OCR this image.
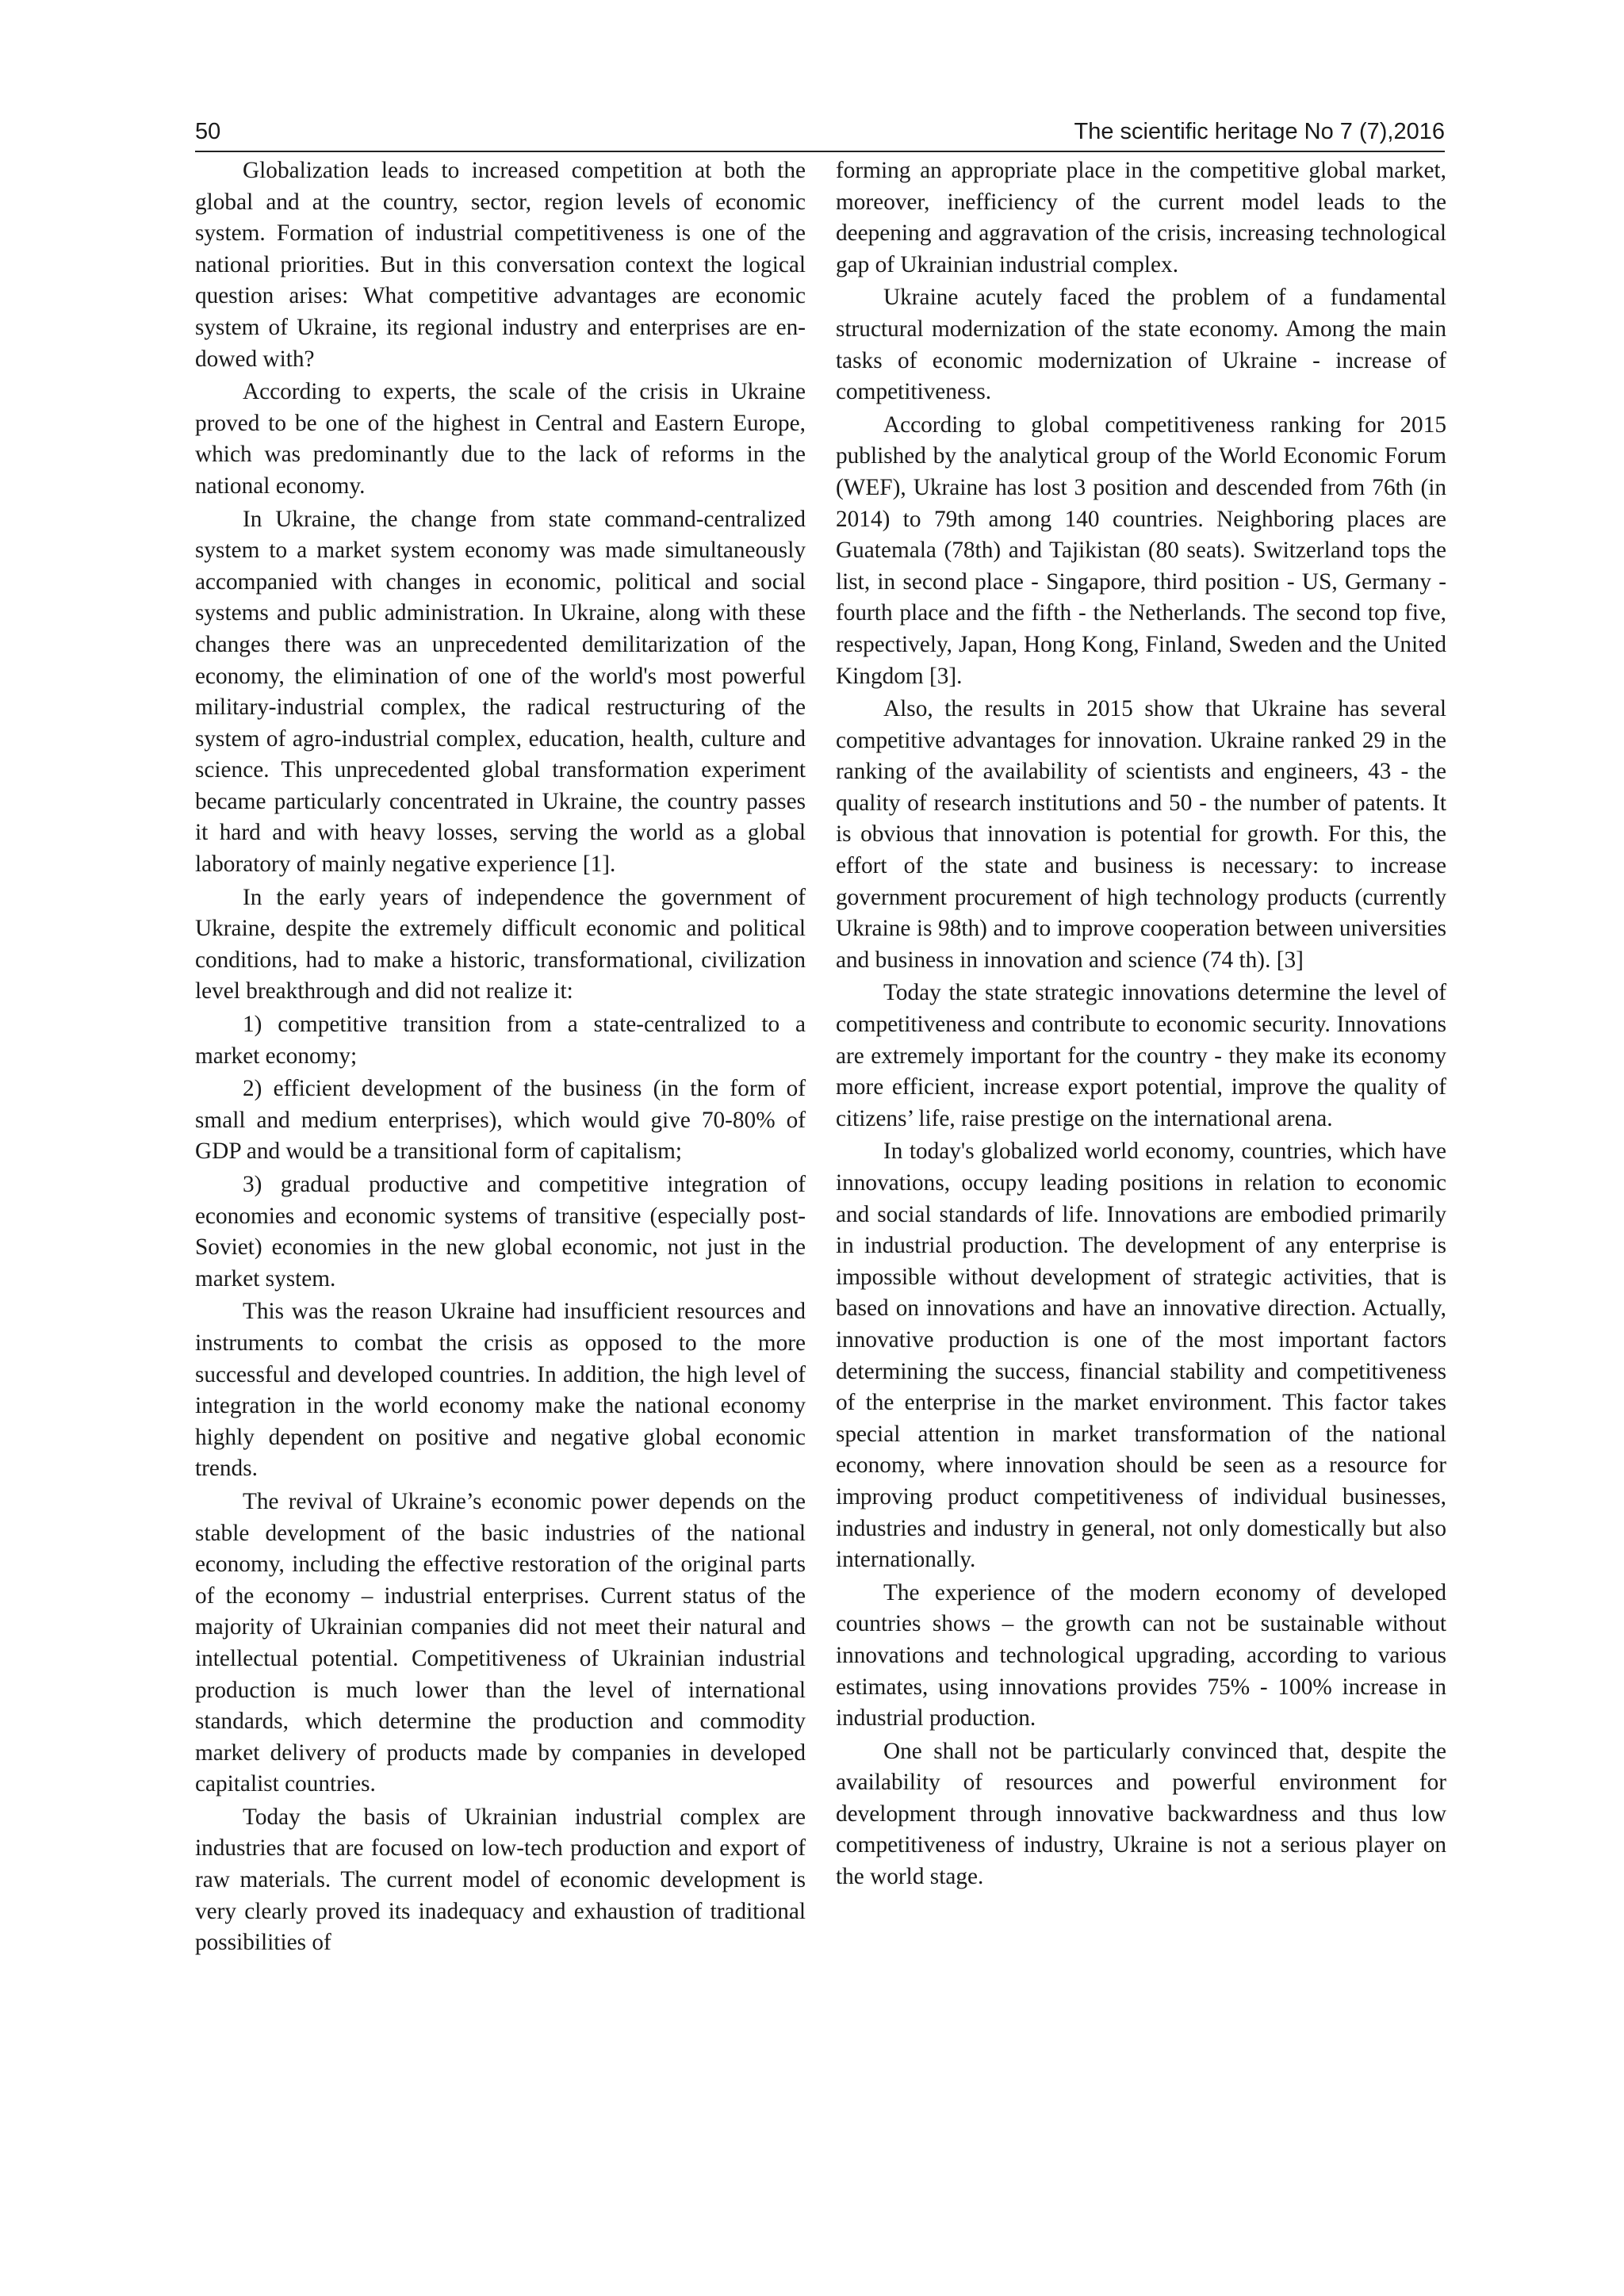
50	The scientific heritage No 7 (7),2016

Globalization leads to increased competition at both the global and at the country, sector, region levels of economic system. Formation of industrial competitiveness is one of the national priorities. But in this conversation context the logical question arises: What competitive advantages are economic system of Ukraine, its regional industry and enterprises are endowed with?

According to experts, the scale of the crisis in Ukraine proved to be one of the highest in Central and Eastern Europe, which was predominantly due to the lack of reforms in the national economy.

In Ukraine, the change from state command-centralized system to a market system economy was made simultaneously accompanied with changes in economic, political and social systems and public administration. In Ukraine, along with these changes there was an unprecedented demilitarization of the economy, the elimination of one of the world's most powerful military-industrial complex, the radical restructuring of the system of agro-industrial complex, education, health, culture and science. This unprecedented global transformation experiment became particularly concentrated in Ukraine, the country passes it hard and with heavy losses, serving the world as a global laboratory of mainly negative experience [1].

In the early years of independence the government of Ukraine, despite the extremely difficult economic and political conditions, had to make a historic, transformational, civilization level breakthrough and did not realize it:

1) competitive transition from a state-centralized to a market economy;

2) efficient development of the business (in the form of small and medium enterprises), which would give 70-80% of GDP and would be a transitional form of capitalism;

3) gradual productive and competitive integration of economies and economic systems of transitive (especially post-Soviet) economies in the new global economic, not just in the market system.

This was the reason Ukraine had insufficient resources and instruments to combat the crisis as opposed to the more successful and developed countries. In addition, the high level of integration in the world economy make the national economy highly dependent on positive and negative global economic trends.

The revival of Ukraine’s economic power depends on the stable development of the basic industries of the national economy, including the effective restoration of the original parts of the economy – industrial enterprises. Current status of the majority of Ukrainian companies did not meet their natural and intellectual potential. Competitiveness of Ukrainian industrial production is much lower than the level of international standards, which determine the production and commodity market delivery of products made by companies in developed capitalist countries.

Today the basis of Ukrainian industrial complex are industries that are focused on low-tech production and export of raw materials. The current model of economic development is very clearly proved its inadequacy and exhaustion of traditional possibilities of

forming an appropriate place in the competitive global market, moreover, inefficiency of the current model leads to the deepening and aggravation of the crisis, increasing technological gap of Ukrainian industrial complex.

Ukraine acutely faced the problem of a fundamental structural modernization of the state economy. Among the main tasks of economic modernization of Ukraine - increase of competitiveness.

According to global competitiveness ranking for 2015 published by the analytical group of the World Economic Forum (WEF), Ukraine has lost 3 position and descended from 76th (in 2014) to 79th among 140 countries. Neighboring places are Guatemala (78th) and Tajikistan (80 seats). Switzerland tops the list, in second place - Singapore, third position - US, Germany - fourth place and the fifth - the Netherlands. The second top five, respectively, Japan, Hong Kong, Finland, Sweden and the United Kingdom [3].

Also, the results in 2015 show that Ukraine has several competitive advantages for innovation. Ukraine ranked 29 in the ranking of the availability of scientists and engineers, 43 - the quality of research institutions and 50 - the number of patents. It is obvious that innovation is potential for growth. For this, the effort of the state and business is necessary: to increase government procurement of high technology products (currently Ukraine is 98th) and to improve cooperation between universities and business in innovation and science (74 th). [3]

Today the state strategic innovations determine the level of competitiveness and contribute to economic security. Innovations are extremely important for the country - they make its economy more efficient, increase export potential, improve the quality of citizens’ life, raise prestige on the international arena.

In today's globalized world economy, countries, which have innovations, occupy leading positions in relation to economic and social standards of life. Innovations are embodied primarily in industrial production. The development of any enterprise is impossible without development of strategic activities, that is based on innovations and have an innovative direction. Actually, innovative production is one of the most important factors determining the success, financial stability and competitiveness of the enterprise in the market environment. This factor takes special attention in market transformation of the national economy, where innovation should be seen as a resource for improving product competitiveness of individual businesses, industries and industry in general, not only domestically but also internationally.

The experience of the modern economy of developed countries shows – the growth can not be sustainable without innovations and technological upgrading, according to various estimates, using innovations provides 75% - 100% increase in industrial production.

One shall not be particularly convinced that, despite the availability of resources and powerful environment for development through innovative backwardness and thus low competitiveness of industry, Ukraine is not a serious player on the world stage.
